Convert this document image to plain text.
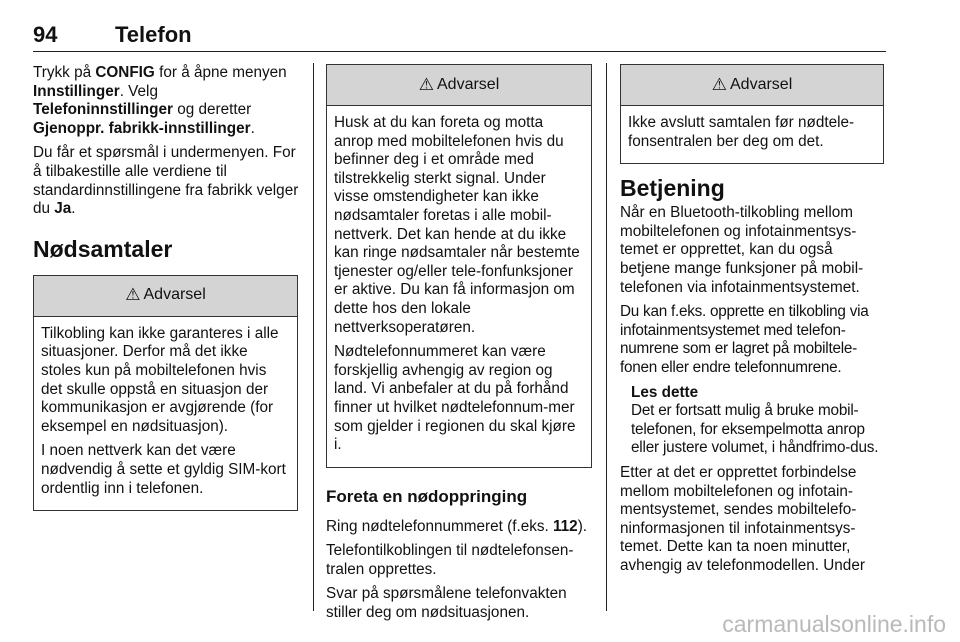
94	Telefon

Trykk på CONFIG for å åpne menyen Innstillinger. Velg Telefoninnstillinger og deretter Gjenoppr. fabrikk-innstillinger.

Du får et spørsmål i undermenyen. For å tilbakestille alle verdiene til standardinnstillingene fra fabrikk velger du Ja.

Nødsamtaler
⚠ Advarsel

Tilkobling kan ikke garanteres i alle situasjoner. Derfor må det ikke stoles kun på mobiltelefonen hvis det skulle oppstå en situasjon der kommunikasjon er avgjørende (for eksempel en nødsituasjon).

I noen nettverk kan det være nødvendig å sette et gyldig SIM-kort ordentlig inn i telefonen.

⚠ Advarsel

Husk at du kan foreta og motta anrop med mobiltelefonen hvis du befinner deg i et område med tilstrekkelig sterkt signal. Under visse omstendigheter kan ikke nødsamtaler foretas i alle mobil-nettverk. Det kan hende at du ikke kan ringe nødsamtaler når bestemte tjenester og/eller tele-fonfunksjoner er aktive. Du kan få informasjon om dette hos den lokale nettverksoperatøren.

Nødtelefonnummeret kan være forskjellig avhengig av region og land. Vi anbefaler at du på forhånd finner ut hvilket nødtelefonnum-mer som gjelder i regionen du skal kjøre i.

Foreta en nødoppringing

Ring nødtelefonnummeret (f.eks. 112).

Telefontilkoblingen til nødtelefonsen-tralen opprettes.

Svar på spørsmålene telefonvakten stiller deg om nødsituasjonen.

⚠ Advarsel

Ikke avslutt samtalen før nødtele-fonsentralen ber deg om det.

Betjening

Når en Bluetooth-tilkobling mellom mobiltelefonen og infotainmentsys-temet er opprettet, kan du også betjene mange funksjoner på mobil-telefonen via infotainmentsystemet.

Du kan f.eks. opprette en tilkobling via infotainmentsystemet med telefon-numrene som er lagret på mobiltele-fonen eller endre telefonnumrene.

Les dette
Det er fortsatt mulig å bruke mobil-telefonen, for eksempelmotta anrop eller justere volumet, i håndfrimo-dus.

Etter at det er opprettet forbindelse mellom mobiltelefonen og infotain-mentsystemet, sendes mobiltelefo-ninformasjonen til infotainmentsys-temet. Dette kan ta noen minutter, avhengig av telefonmodellen. Under

carmanualsonline.info
